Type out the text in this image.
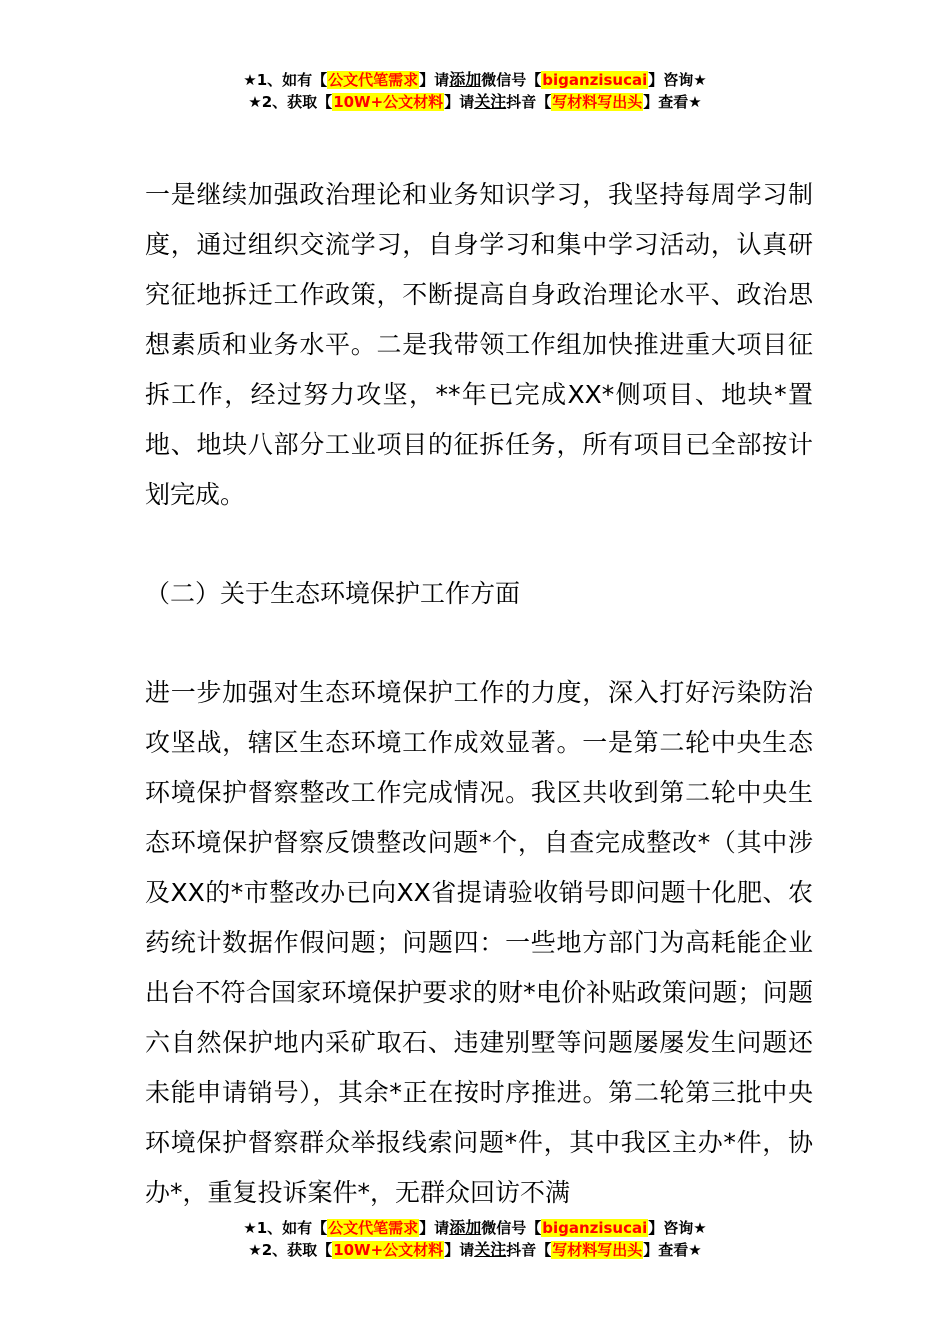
★1、如有【公文代笔需求】请添加微信号【biganzisucai】咨询★
★2、获取【10W+公文材料】请关注抖音【写材料写出头】查看★

一是继续加强政治理论和业务知识学习，我坚持每周学习制度，通过组织交流学习，自身学习和集中学习活动，认真研究征地拆迁工作政策，不断提高自身政治理论水平、政治思想素质和业务水平。二是我带领工作组加快推进重大项目征拆工作，经过努力攻坚，**年已完成XX*侧项目、地块*置地、地块八部分工业项目的征拆任务，所有项目已全部按计划完成。

（二）关于生态环境保护工作方面

进一步加强对生态环境保护工作的力度，深入打好污染防治攻坚战，辖区生态环境工作成效显著。一是第二轮中央生态环境保护督察整改工作完成情况。我区共收到第二轮中央生态环境保护督察反馈整改问题*个，自查完成整改*（其中涉及XX的*市整改办已向XX省提请验收销号即问题十化肥、农药统计数据作假问题；问题四：一些地方部门为高耗能企业出台不符合国家环境保护要求的财*电价补贴政策问题；问题六自然保护地内采矿取石、违建别墅等问题屡屡发生问题还未能申请销号），其余*正在按时序推进。第二轮第三批中央环境保护督察群众举报线索问题*件，其中我区主办*件，协办*，重复投诉案件*，无群众回访不满

★1、如有【公文代笔需求】请添加微信号【biganzisucai】咨询★
★2、获取【10W+公文材料】请关注抖音【写材料写出头】查看★
